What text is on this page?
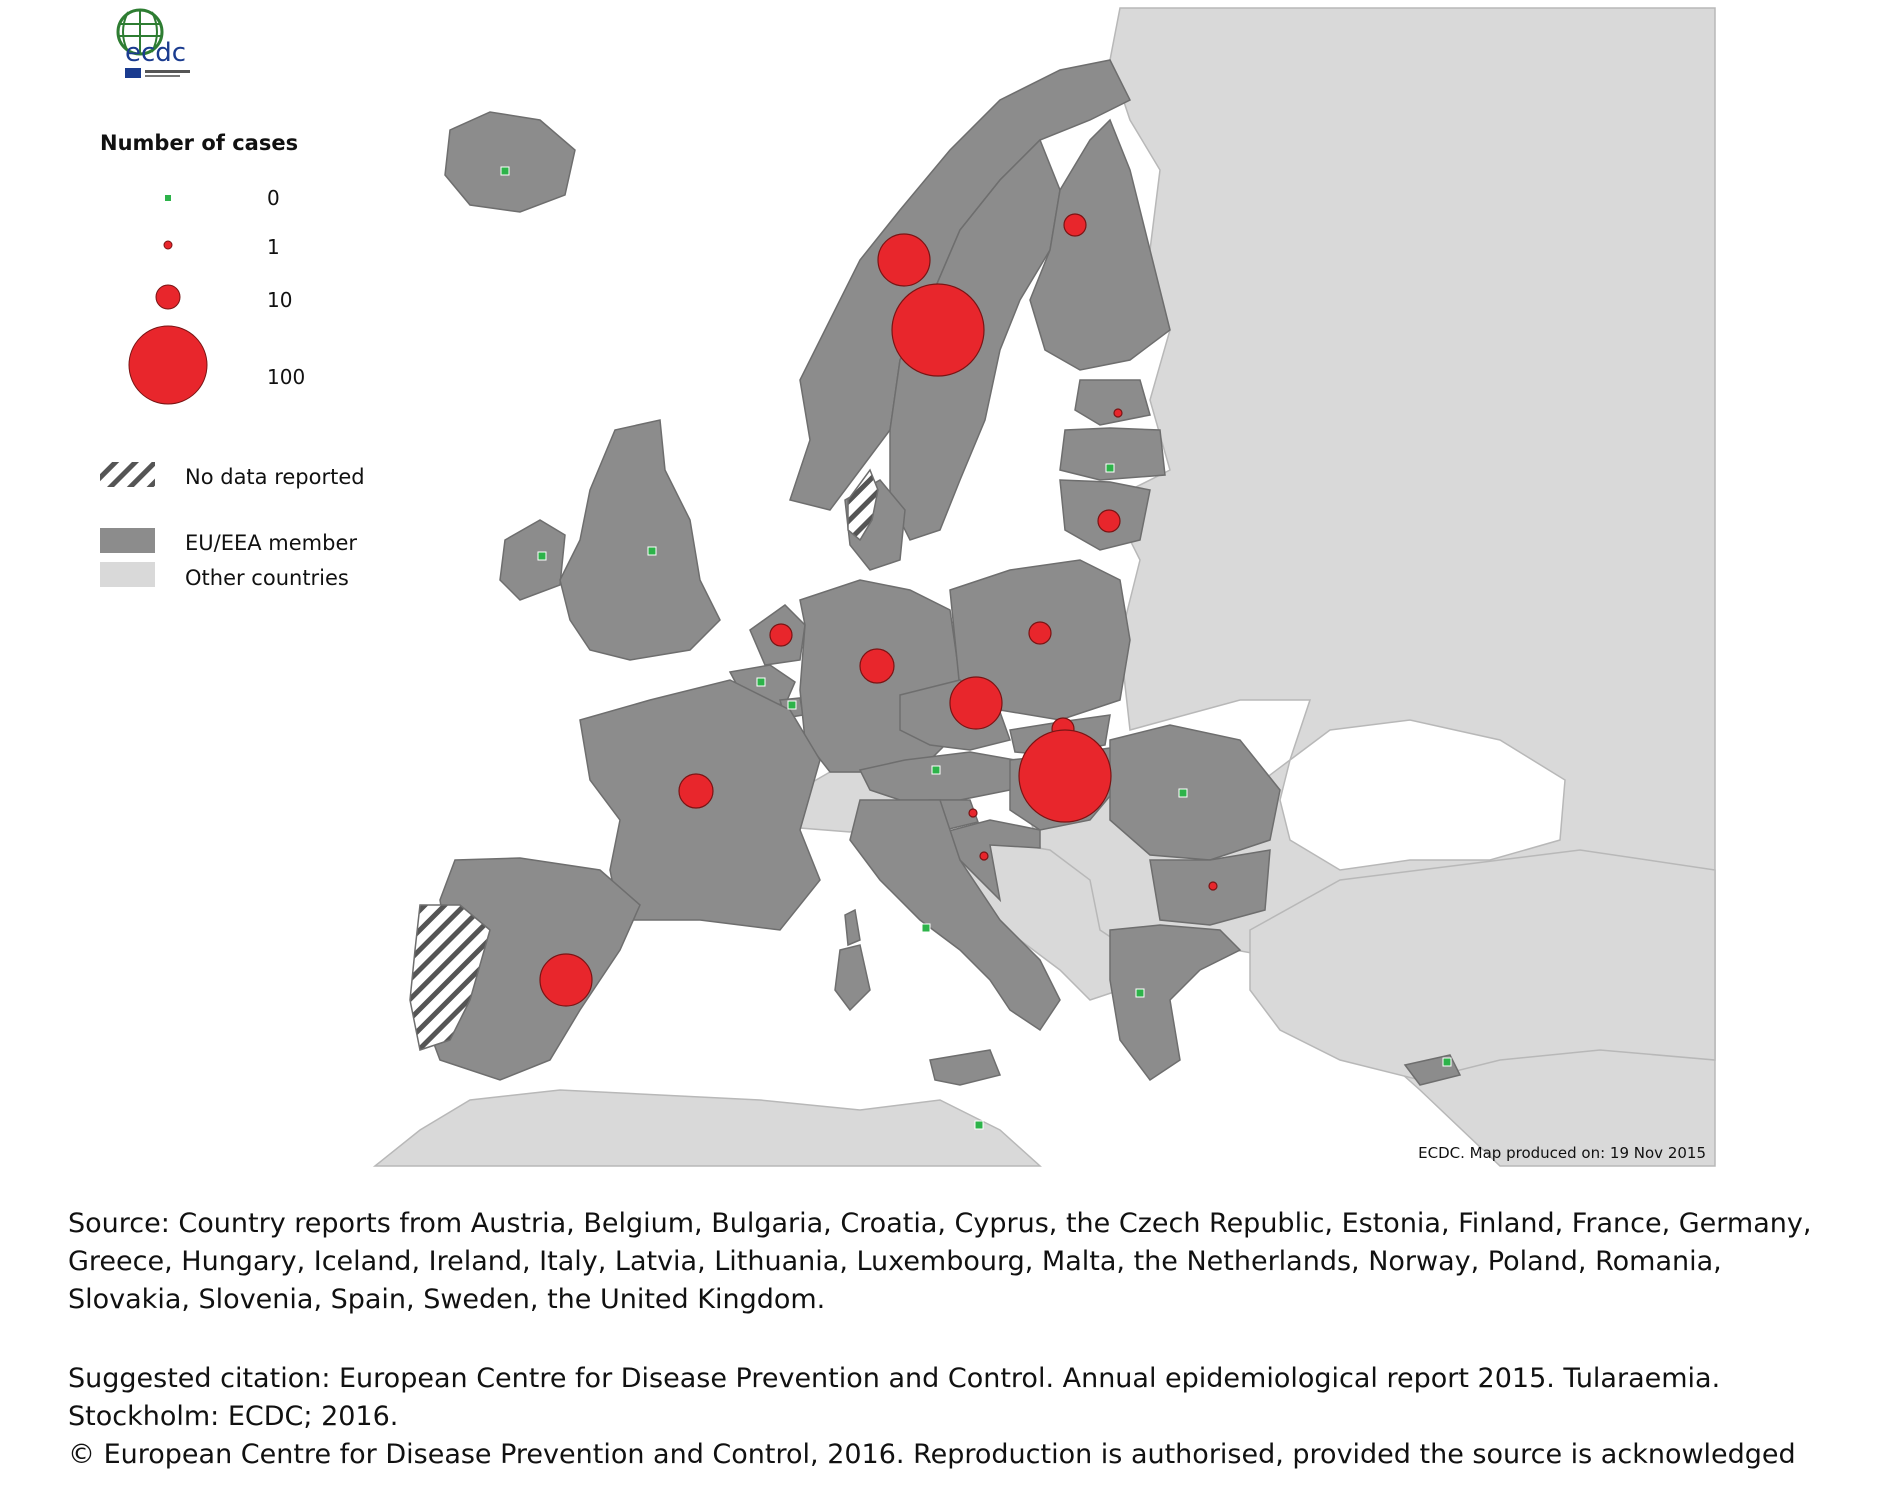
ecdc
Number of cases
0
1
10
100
No data reported
EU/EEA member
Other countries
ECDC. Map produced on: 19 Nov 2015

Source: Country reports from Austria, Belgium, Bulgaria, Croatia, Cyprus, the Czech Republic, Estonia, Finland, France, Germany,

Greece, Hungary, Iceland, Ireland, Italy, Latvia, Lithuania, Luxembourg, Malta, the Netherlands, Norway, Poland, Romania,

Slovakia, Slovenia, Spain, Sweden, the United Kingdom.

Suggested citation: European Centre for Disease Prevention and Control. Annual epidemiological report 2015. Tularaemia.

Stockholm: ECDC; 2016.

© European Centre for Disease Prevention and Control, 2016. Reproduction is authorised, provided the source is acknowledged
